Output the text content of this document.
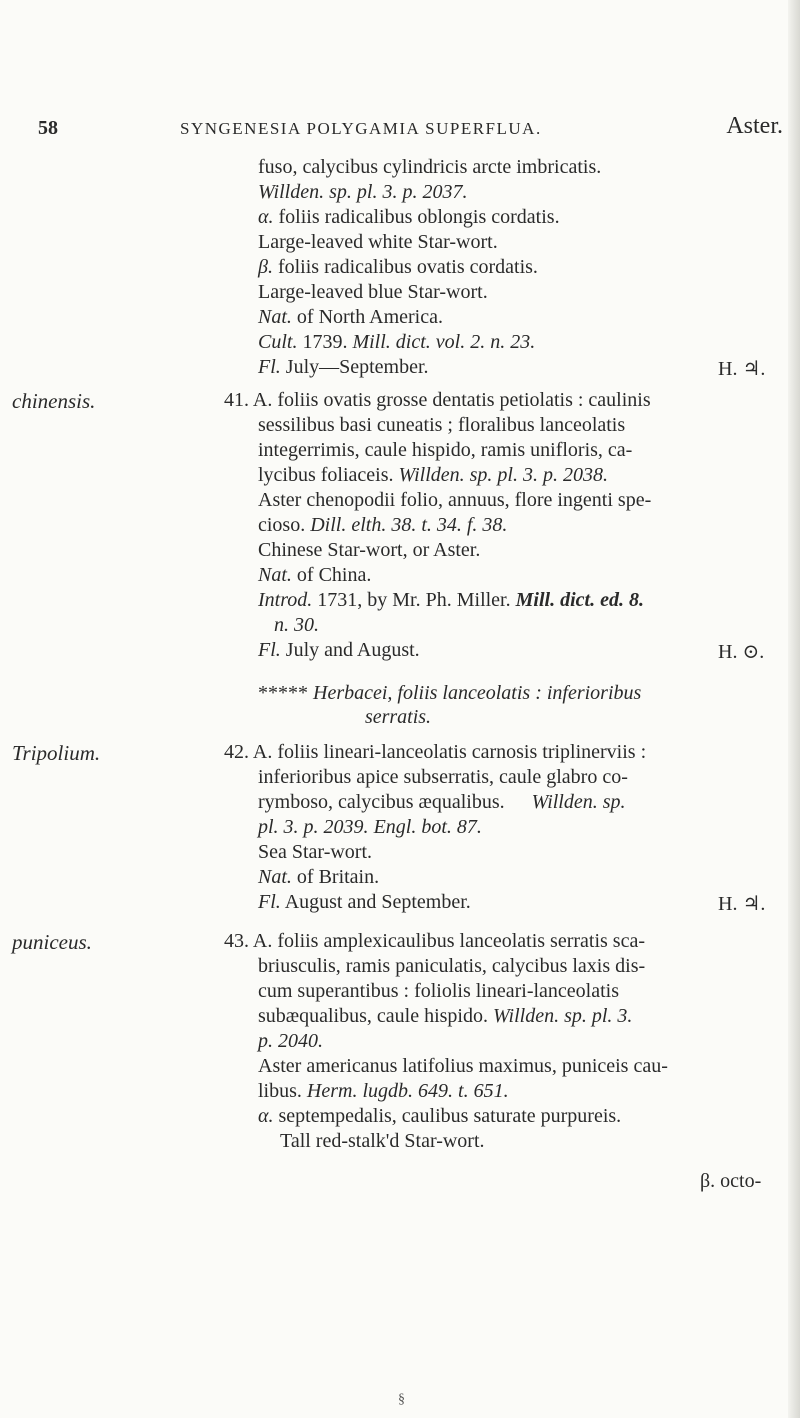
58	SYNGENESIA POLYGAMIA SUPERFLUA.	Aster.
fuso, calycibus cylindricis arcte imbricatis.
Willden. sp. pl. 3. p. 2037.
α. foliis radicalibus oblongis cordatis.
Large-leaved white Star-wort.
β. foliis radicalibus ovatis cordatis.
Large-leaved blue Star-wort.
Nat. of North America.
Cult. 1739. Mill. dict. vol. 2. n. 23.
Fl. July—September.	H. ♃.
chinensis.	41. A. foliis ovatis grosse dentatis petiolatis : caulinis
sessilibus basi cuneatis ; floralibus lanceolatis
integerrimis, caule hispido, ramis unifloris, ca-
lycibus foliaceis. Willden. sp. pl. 3. p. 2038.
Aster chenopodii folio, annuus, flore ingenti spe-
cioso. Dill. elth. 38. t. 34. f. 38.
Chinese Star-wort, or Aster.
Nat. of China.
Introd. 1731, by Mr. Ph. Miller. Mill. dict. ed. 8.
n. 30.
Fl. July and August.	H. ⊙.
***** Herbacei, foliis lanceolatis : inferioribus
serratis.
Tripolium.	42. A. foliis lineari-lanceolatis carnosis triplinerviis :
inferioribus apice subserratis, caule glabro co-
rymboso, calycibus æqualibus. Willden. sp.
pl. 3. p. 2039. Engl. bot. 87.
Sea Star-wort.
Nat. of Britain.
Fl. August and September.	H. ♃.
puniceus.	43. A. foliis amplexicaulibus lanceolatis serratis sca-
briusculis, ramis paniculatis, calycibus laxis dis-
cum superantibus : foliolis lineari-lanceolatis
subæqualibus, caule hispido. Willden. sp. pl. 3.
p. 2040.
Aster americanus latifolius maximus, puniceis cau-
libus. Herm. lugdb. 649. t. 651.
α. septempedalis, caulibus saturate purpureis.
Tall red-stalk'd Star-wort.
β. octo-
§
